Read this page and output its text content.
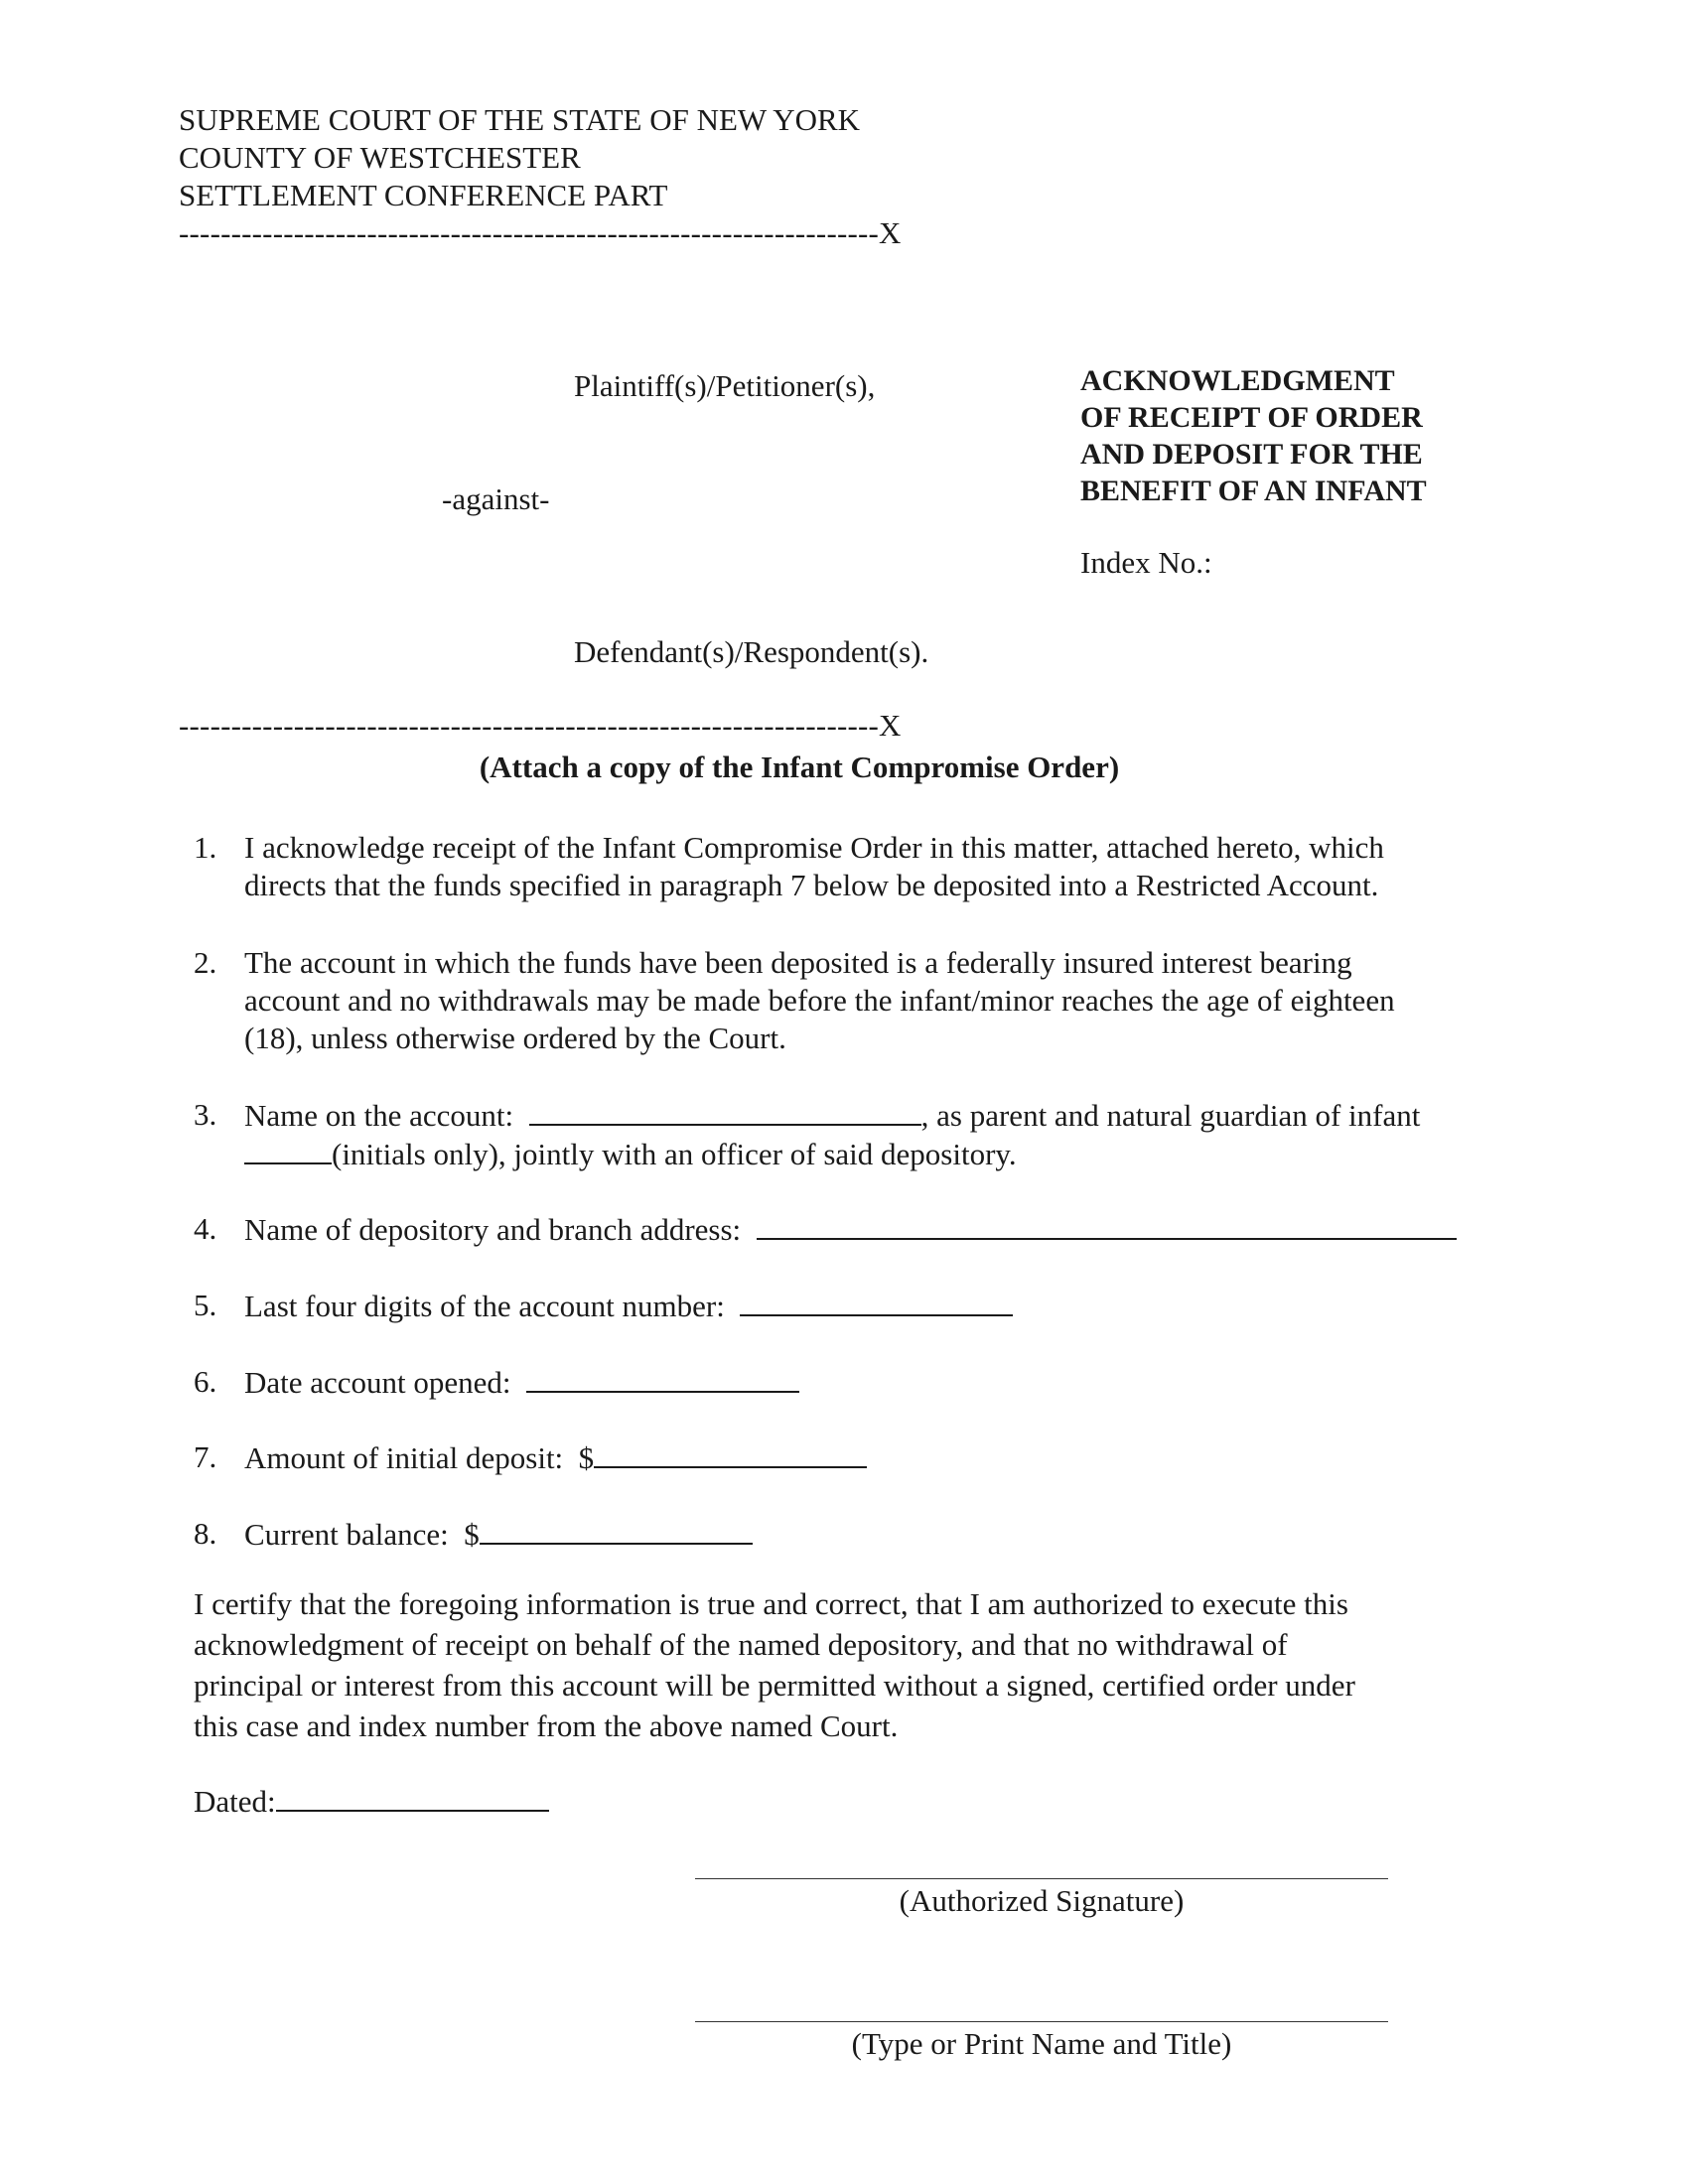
SUPREME COURT OF THE STATE OF NEW YORK
COUNTY OF WESTCHESTER
SETTLEMENT CONFERENCE PART
-------------------------------------------------------------------X
Plaintiff(s)/Petitioner(s),
-against-
Defendant(s)/Respondent(s).
ACKNOWLEDGMENT
OF RECEIPT OF ORDER
AND DEPOSIT FOR THE
BENEFIT OF AN INFANT
Index No.:
-------------------------------------------------------------------X
(Attach a copy of the Infant Compromise Order)
1. I acknowledge receipt of the Infant Compromise Order in this matter, attached hereto, which
directs that the funds specified in paragraph 7 below be deposited into a Restricted Account.
2. The account in which the funds have been deposited is a federally insured interest bearing
account and no withdrawals may be made before the infant/minor reaches the age of eighteen
(18), unless otherwise ordered by the Court.
3. Name on the account:	, as parent and natural guardian of infant
(initials only), jointly with an officer of said depository.
4. Name of depository and branch address:
5. Last four digits of the account number:
6. Date account opened:
7. Amount of initial deposit: $
8. Current balance: $
I certify that the foregoing information is true and correct, that I am authorized to execute this
acknowledgment of receipt on behalf of the named depository, and that no withdrawal of
principal or interest from this account will be permitted without a signed, certified order under
this case and index number from the above named Court.
Dated:
(Authorized Signature)
(Type or Print Name and Title)
